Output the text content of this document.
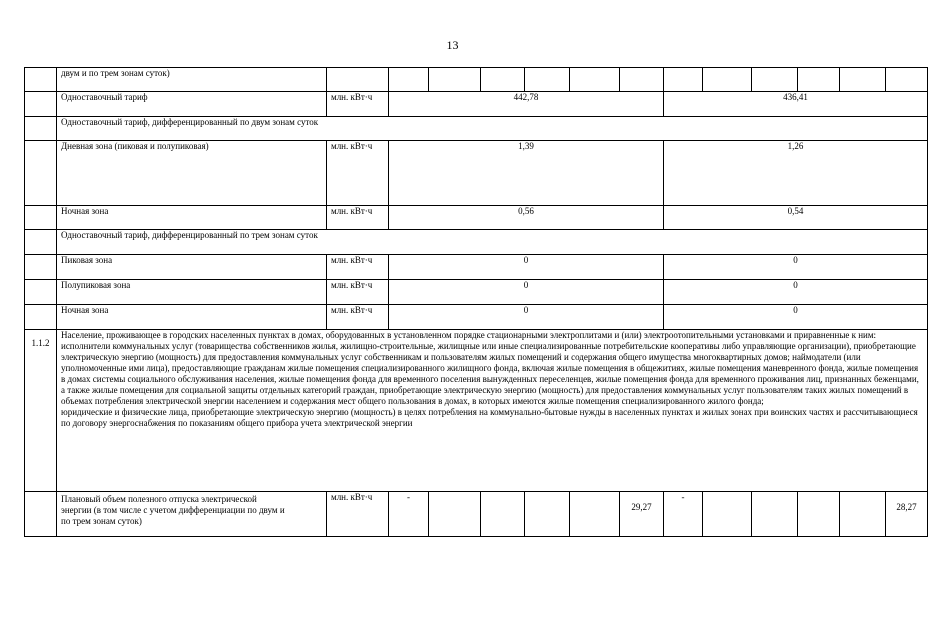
13
	двум и по трем зонам суток)													
	Одноставочный тариф	млн. кВт·ч	442,78						436,41					
	Одноставочный тариф, дифференцированный по двум зонам суток													
	Дневная зона (пиковая и полупиковая)	млн. кВт·ч	1,39						1,26					
	Ночная зона	млн. кВт·ч	0,56						0,54					
	Одноставочный тариф, дифференцированный по трем зонам суток													
	Пиковая зона	млн. кВт·ч	0						0					
	Полупиковая зона	млн. кВт·ч	0						0					
	Ночная зона	млн. кВт·ч	0						0					
1.1.2	Население, проживающее в городских населенных пунктах в домах, оборудованных в установленном порядке стационарными электроплитами и (или) электроотопительными установками и приравненные к ним:

исполнители коммунальных услуг (товарищества собственников жилья, жилищно-строительные, жилищные или иные специализированные потребительские кооперативы либо управляющие организации), приобретающие электрическую энергию (мощность) для предоставления коммунальных услуг собственникам и пользователям жилых помещений и содержания общего имущества многоквартирных домов; наймодатели (или уполномоченные ими лица), предоставляющие гражданам жилые помещения специализированного жилищного фонда, включая жилые помещения в общежитиях, жилые помещения маневренного фонда, жилые помещения в домах системы социального обслуживания населения, жилые помещения фонда для временного поселения вынужденных переселенцев, жилые помещения фонда для временного проживания лиц, признанных беженцами, а также жилые помещения для социальной защиты отдельных категорий граждан, приобретающие электрическую энергию (мощность) для предоставления коммунальных услуг пользователям таких жилых помещений в объемах потребления электрической энергии населением и содержания мест общего пользования в домах, в которых имеются жилые помещения специализированного жилого фонда;

юридические и физические лица, приобретающие электрическую энергию (мощность) в целях потребления на коммунально-бытовые нужды в населенных пунктах и жилых зонах при воинских частях и рассчитывающиеся по договору энергоснабжения по показаниям общего прибора учета электрической энергии													

	Плановый объем полезного отпуска электрической энергии (в том числе с учетом дифференциации по двум и по трем зонам суток)	млн. кВт·ч	-					29,27	-					28,27
